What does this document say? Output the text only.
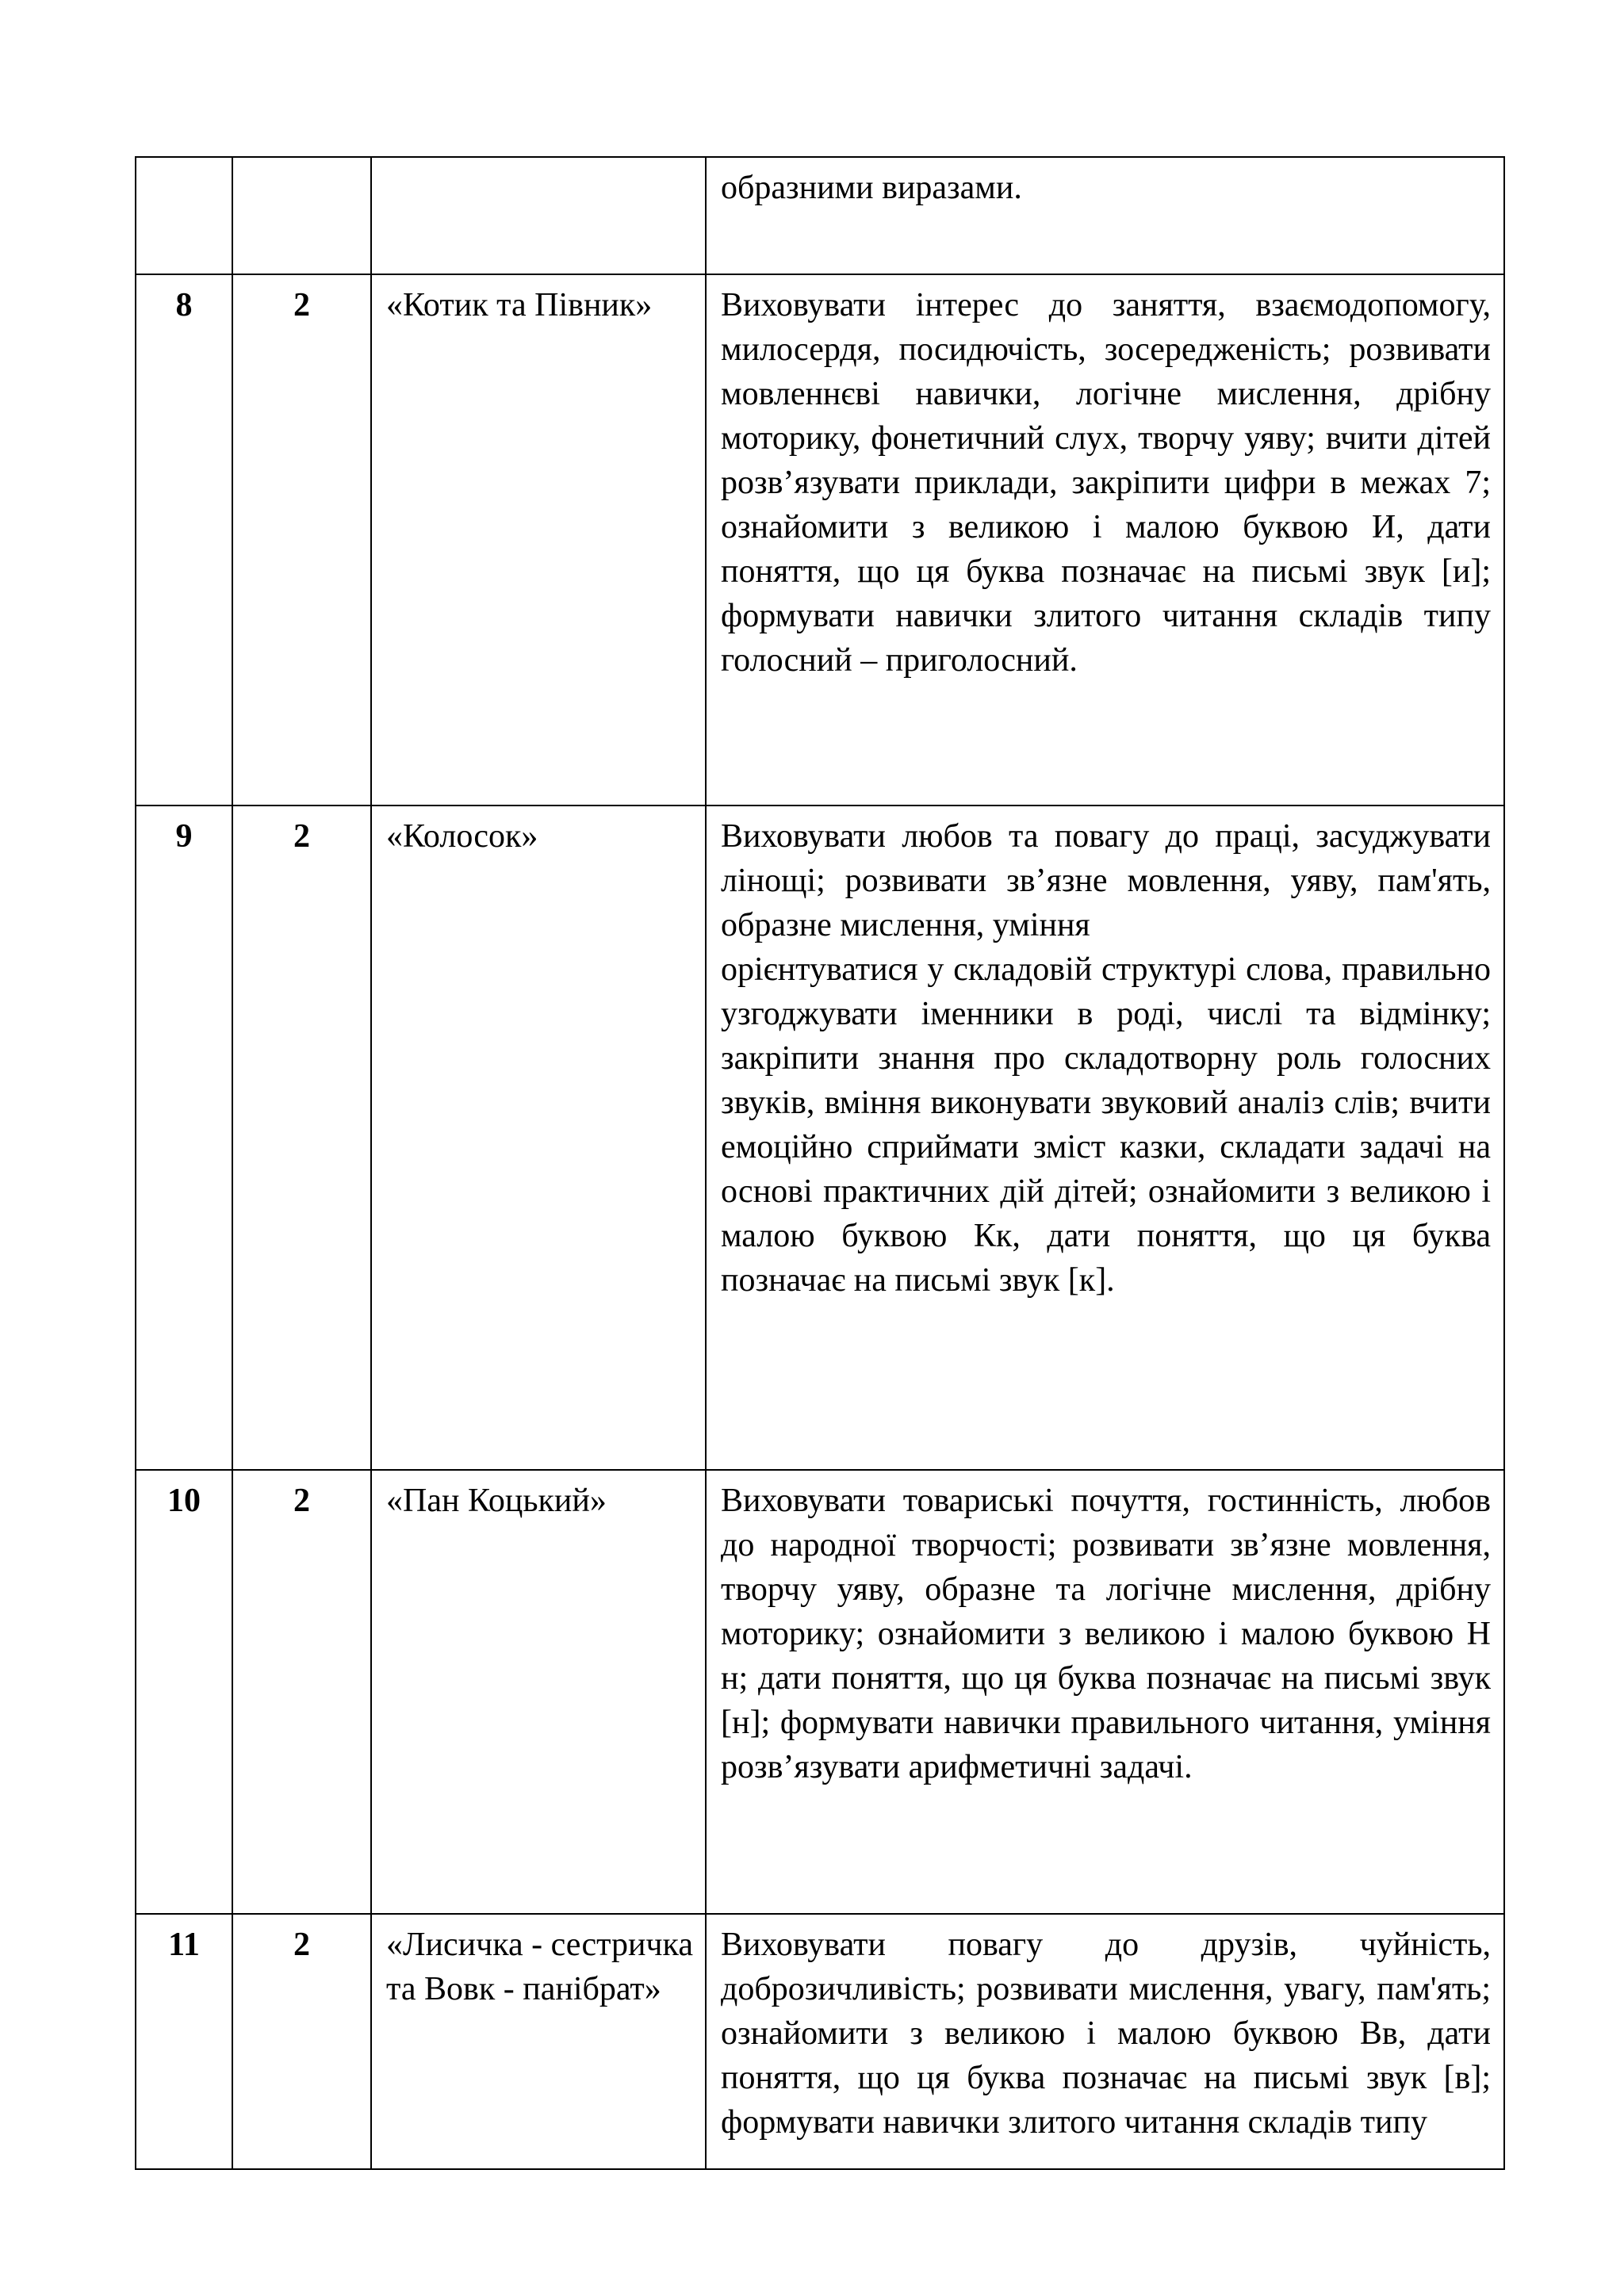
			образними виразами.

8	2	«Котик та Півник»	Виховувати інтерес до заняття, взаємодопомогу, милосердя, посидючість, зосередженість; розвивати мовленнєві навички, логічне мислення, дрібну моторику, фонетичний слух, творчу уяву; вчити дітей розв’язувати приклади, закріпити цифри в межах 7; ознайомити з великою і малою буквою И, дати поняття, що ця буква позначає на письмі звук [и]; формувати навички злитого читання складів типу голосний – приголосний.

9	2	«Колосок»	Виховувати любов та повагу до праці, засуджувати лінощі; розвивати зв’язне мовлення, уяву, пам'ять, образне мислення, уміння
орієнтуватися у складовій структурі слова, правильно узгоджувати іменники в роді, числі та відмінку; закріпити знання про складотворну роль голосних звуків, вміння виконувати звуковий аналіз слів; вчити емоційно сприймати зміст казки, складати задачі на основі практичних дій дітей; ознайомити з великою і малою буквою Кк, дати поняття, що ця буква позначає на письмі звук [к].

10	2	«Пан Коцький»	Виховувати товариські почуття, гостинність, любов до народної творчості; розвивати зв’язне мовлення, творчу уяву, образне та логічне мислення, дрібну моторику; ознайомити з великою і малою буквою Н н; дати поняття, що ця буква позначає на письмі звук [н]; формувати навички правильного читання, уміння розв’язувати арифметичні задачі.

11	2	«Лисичка - сестричка та Вовк - панібрат»	Виховувати повагу до друзів, чуйність, доброзичливість; розвивати мислення, увагу, пам'ять; ознайомити з великою і малою буквою Вв, дати поняття, що ця буква позначає на письмі звук [в]; формувати навички злитого читання складів типу
